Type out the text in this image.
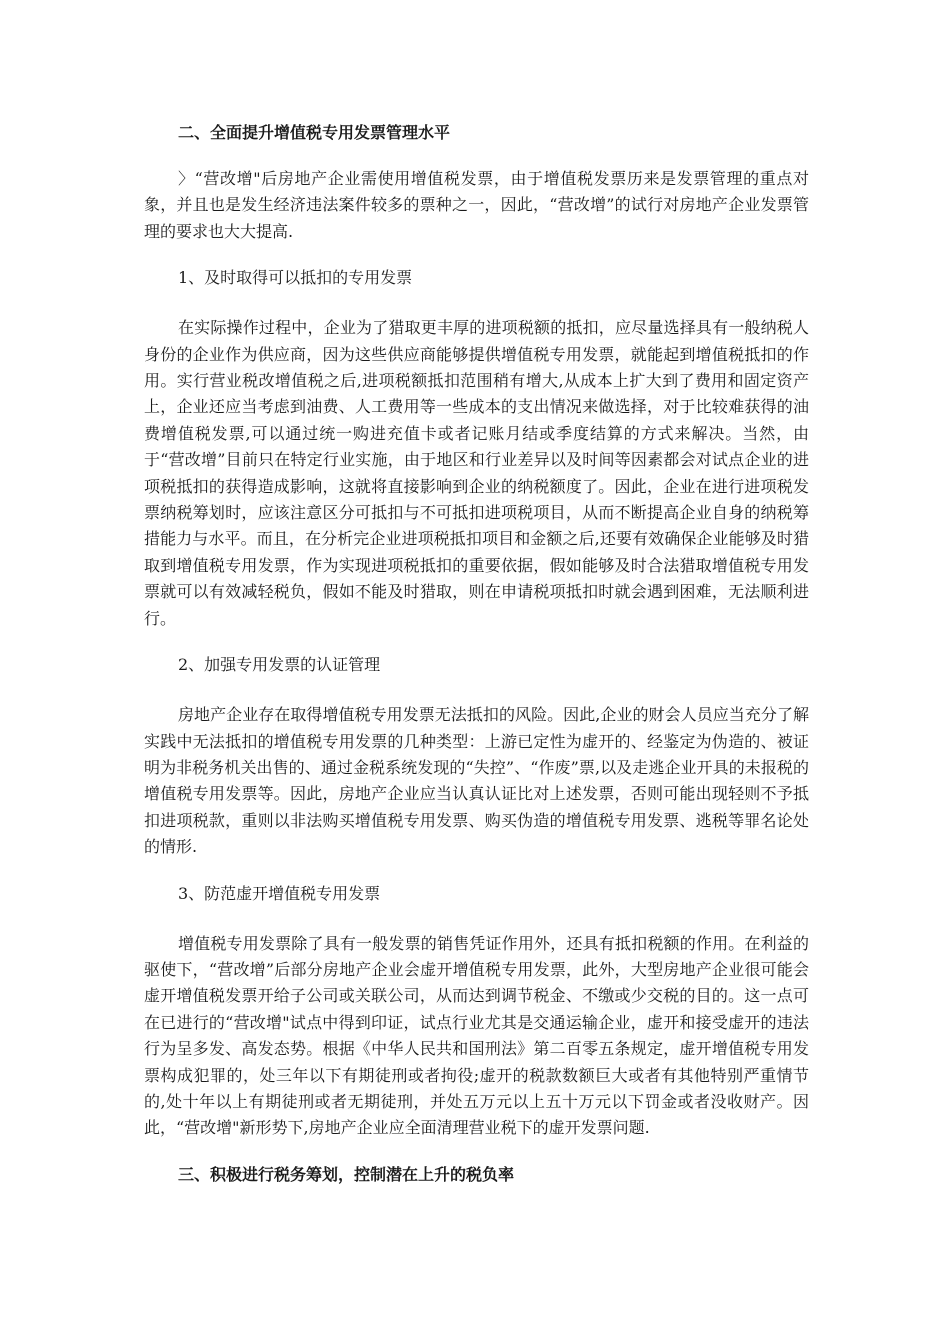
二、全面提升增值税专用发票管理水平

〉“营改增"后房地产企业需使用增值税发票，由于增值税发票历来是发票管理的重点对象，并且也是发生经济违法案件较多的票种之一，因此，“营改增”的试行对房地产企业发票管理的要求也大大提高.

1、及时取得可以抵扣的专用发票

在实际操作过程中，企业为了猎取更丰厚的进项税额的抵扣，应尽量选择具有一般纳税人身份的企业作为供应商，因为这些供应商能够提供增值税专用发票，就能起到增值税抵扣的作用。实行营业税改增值税之后,进项税额抵扣范围稍有增大,从成本上扩大到了费用和固定资产上，企业还应当考虑到油费、人工费用等一些成本的支出情况来做选择，对于比较难获得的油费增值税发票,可以通过统一购进充值卡或者记账月结或季度结算的方式来解决。当然，由于“营改增”目前只在特定行业实施，由于地区和行业差异以及时间等因素都会对试点企业的进项税抵扣的获得造成影响，这就将直接影响到企业的纳税额度了。因此，企业在进行进项税发票纳税筹划时，应该注意区分可抵扣与不可抵扣进项税项目，从而不断提高企业自身的纳税筹措能力与水平。而且，在分析完企业进项税抵扣项目和金额之后,还要有效确保企业能够及时猎取到增值税专用发票，作为实现进项税抵扣的重要依据，假如能够及时合法猎取增值税专用发票就可以有效减轻税负，假如不能及时猎取，则在申请税项抵扣时就会遇到困难，无法顺利进行。

2、加强专用发票的认证管理

房地产企业存在取得增值税专用发票无法抵扣的风险。因此,企业的财会人员应当充分了解实践中无法抵扣的增值税专用发票的几种类型：上游已定性为虚开的、经鉴定为伪造的、被证明为非税务机关出售的、通过金税系统发现的“失控”、“作废”票,以及走逃企业开具的未报税的增值税专用发票等。因此，房地产企业应当认真认证比对上述发票，否则可能出现轻则不予抵扣进项税款，重则以非法购买增值税专用发票、购买伪造的增值税专用发票、逃税等罪名论处的情形.

3、防范虚开增值税专用发票

增值税专用发票除了具有一般发票的销售凭证作用外，还具有抵扣税额的作用。在利益的驱使下，“营改增”后部分房地产企业会虚开增值税专用发票，此外，大型房地产企业很可能会虚开增值税发票开给子公司或关联公司，从而达到调节税金、不缴或少交税的目的。这一点可在已进行的“营改增"试点中得到印证，试点行业尤其是交通运输企业，虚开和接受虚开的违法行为呈多发、高发态势。根据《中华人民共和国刑法》第二百零五条规定，虚开增值税专用发票构成犯罪的，处三年以下有期徒刑或者拘役;虚开的税款数额巨大或者有其他特别严重情节的,处十年以上有期徒刑或者无期徒刑，并处五万元以上五十万元以下罚金或者没收财产。因此，“营改增"新形势下,房地产企业应全面清理营业税下的虚开发票问题.

三、积极进行税务筹划，控制潜在上升的税负率
